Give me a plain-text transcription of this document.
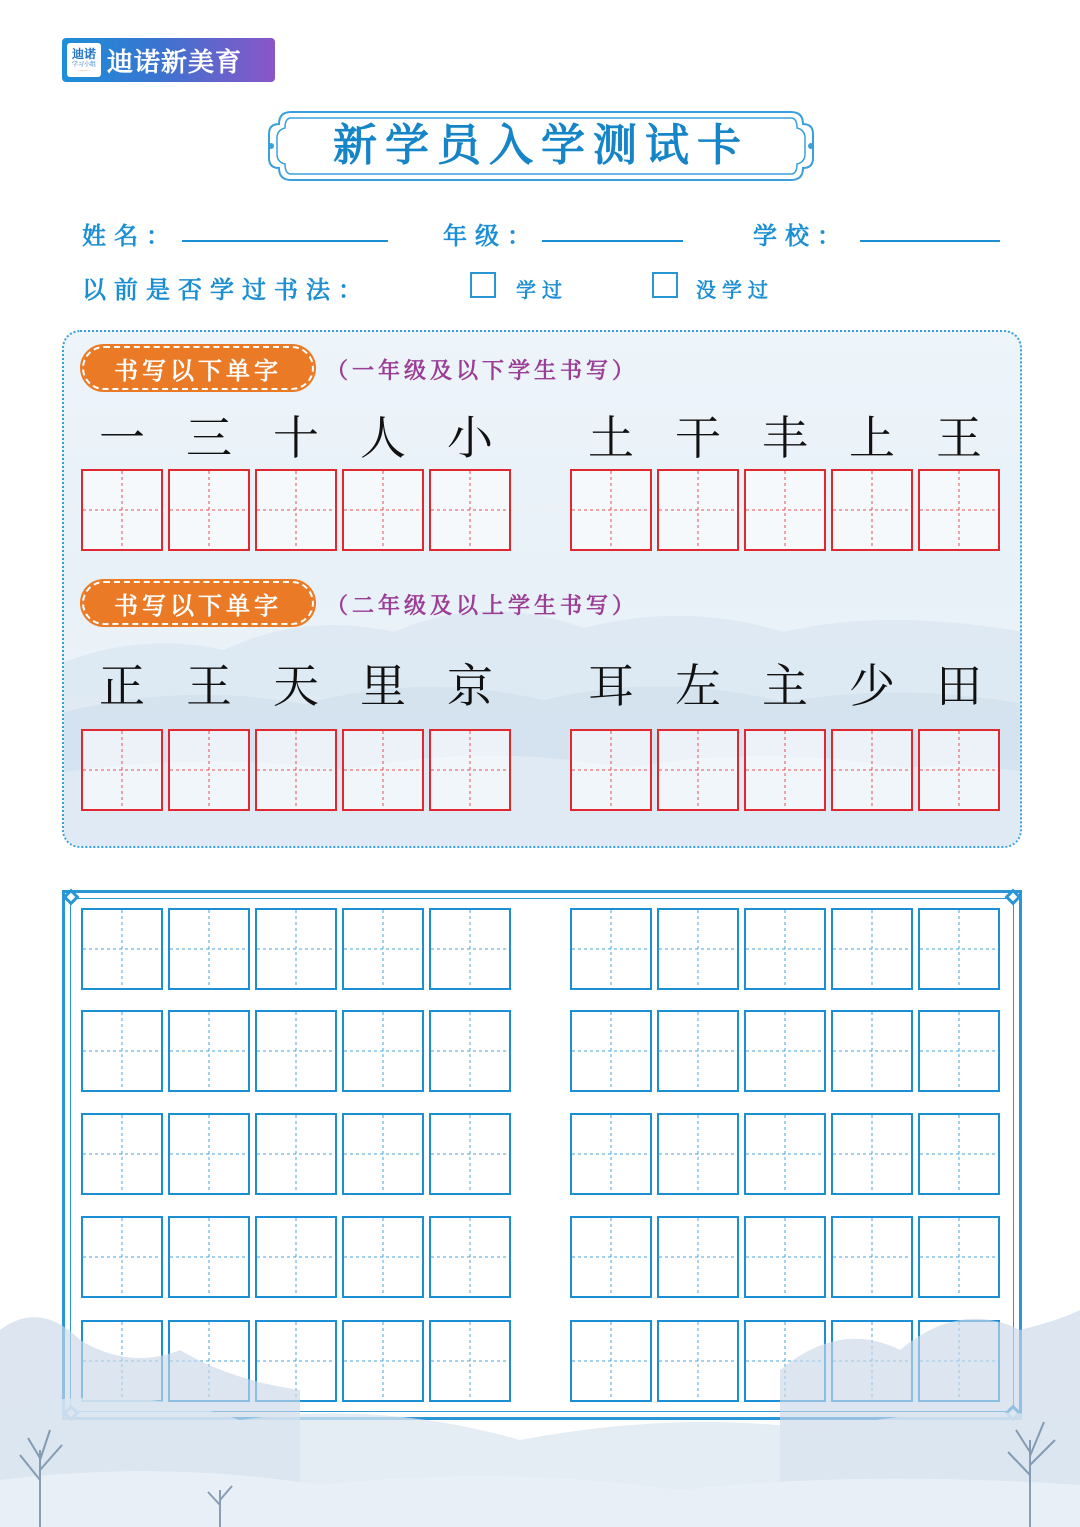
迪诺
学习小组
········· 迪诺新美育
新学员入学测试卡
姓名：	年级：	学校：
以前是否学过书法：	学过	没学过
书写以下单字	（一年级及以下学生书写）
书写以下单字	（二年级及以上学生书写）
一 三 十 人 小	土 干 丰 上 王
正 王 天 里 京	耳 左 主 少 田
